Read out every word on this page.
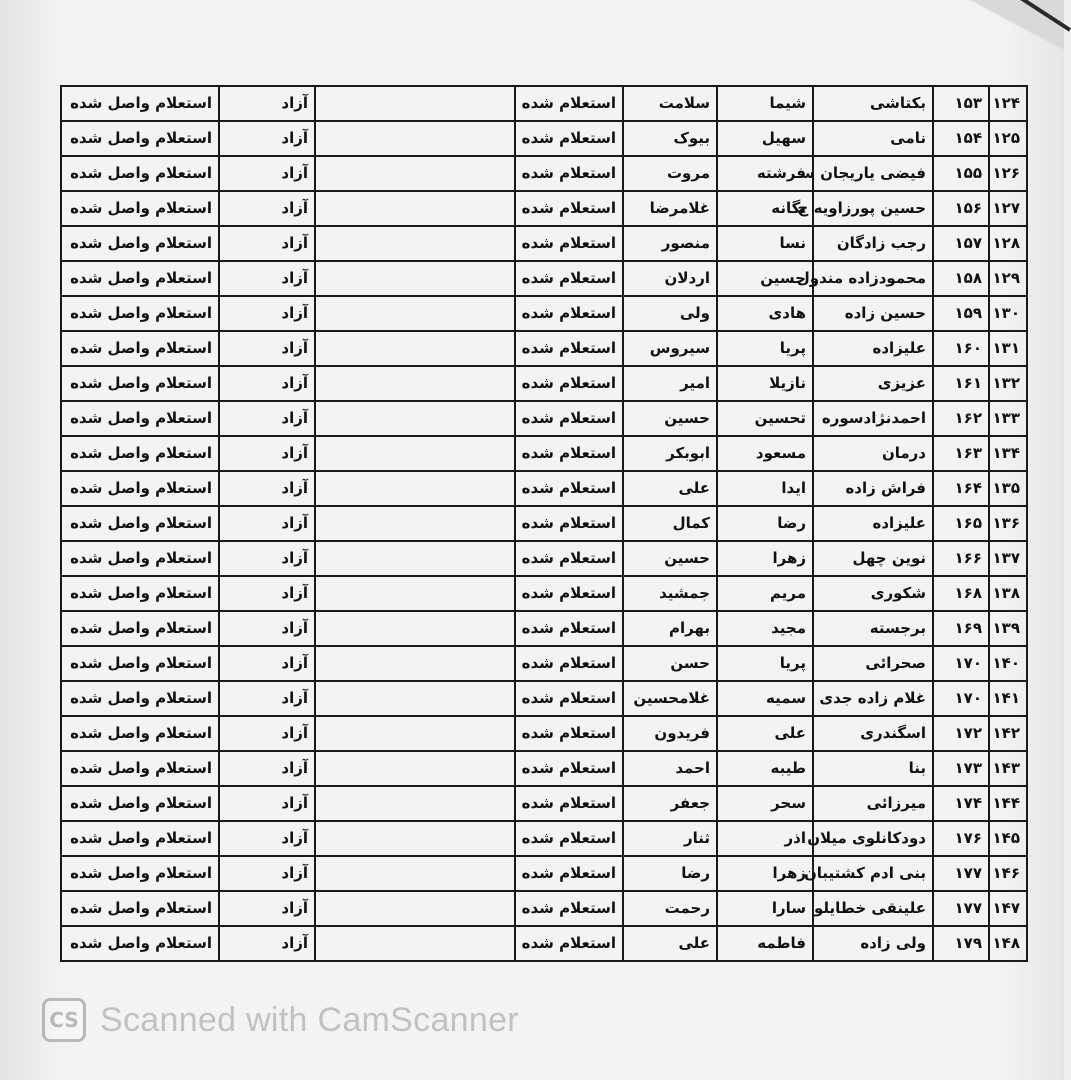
۱۲۴	۱۵۳	بکتاشی	شیما	سلامت	استعلام شده		آزاد	استعلام واصل شده
۱۲۵	۱۵۴	نامی	سهیل	بیوک	استعلام شده		آزاد	استعلام واصل شده
۱۲۶	۱۵۵	فیضی یاریجان سـ	فرشته	مروت	استعلام شده		آزاد	استعلام واصل شده
۱۲۷	۱۵۶	حسین پورزاویه ج	یگانه	غلامرضا	استعلام شده		آزاد	استعلام واصل شده
۱۲۸	۱۵۷	رجب زادگان	نسا	منصور	استعلام شده		آزاد	استعلام واصل شده
۱۲۹	۱۵۸	محمودزاده مندول	حسین	اردلان	استعلام شده		آزاد	استعلام واصل شده
۱۳۰	۱۵۹	حسین زاده	هادی	ولی	استعلام شده		آزاد	استعلام واصل شده
۱۳۱	۱۶۰	علیزاده	پریا	سیروس	استعلام شده		آزاد	استعلام واصل شده
۱۳۲	۱۶۱	عزیزی	نازیلا	امیر	استعلام شده		آزاد	استعلام واصل شده
۱۳۳	۱۶۲	احمدنژادسوره	تحسین	حسین	استعلام شده		آزاد	استعلام واصل شده
۱۳۴	۱۶۳	درمان	مسعود	ابوبکر	استعلام شده		آزاد	استعلام واصل شده
۱۳۵	۱۶۴	فراش زاده	ایدا	علی	استعلام شده		آزاد	استعلام واصل شده
۱۳۶	۱۶۵	علیزاده	رضا	کمال	استعلام شده		آزاد	استعلام واصل شده
۱۳۷	۱۶۶	نوین چهل	زهرا	حسین	استعلام شده		آزاد	استعلام واصل شده
۱۳۸	۱۶۸	شکوری	مریم	جمشید	استعلام شده		آزاد	استعلام واصل شده
۱۳۹	۱۶۹	برجسته	مجید	بهرام	استعلام شده		آزاد	استعلام واصل شده
۱۴۰	۱۷۰	صحرائی	پریا	حسن	استعلام شده		آزاد	استعلام واصل شده
۱۴۱	۱۷۰	غلام زاده جدی	سمیه	غلامحسین	استعلام شده		آزاد	استعلام واصل شده
۱۴۲	۱۷۲	اسگندری	علی	فریدون	استعلام شده		آزاد	استعلام واصل شده
۱۴۳	۱۷۳	بنا	طیبه	احمد	استعلام شده		آزاد	استعلام واصل شده
۱۴۴	۱۷۴	میرزائی	سحر	جعفر	استعلام شده		آزاد	استعلام واصل شده
۱۴۵	۱۷۶	دودکانلوی میلان	اذر	ثنار	استعلام شده		آزاد	استعلام واصل شده
۱۴۶	۱۷۷	بنی ادم کشتیبان	زهرا	رضا	استعلام شده		آزاد	استعلام واصل شده
۱۴۷	۱۷۷	علینقی خطایلو	سارا	رحمت	استعلام شده		آزاد	استعلام واصل شده
۱۴۸	۱۷۹	ولی زاده	فاطمه	علی	استعلام شده		آزاد	استعلام واصل شده
CS Scanned with CamScanner
